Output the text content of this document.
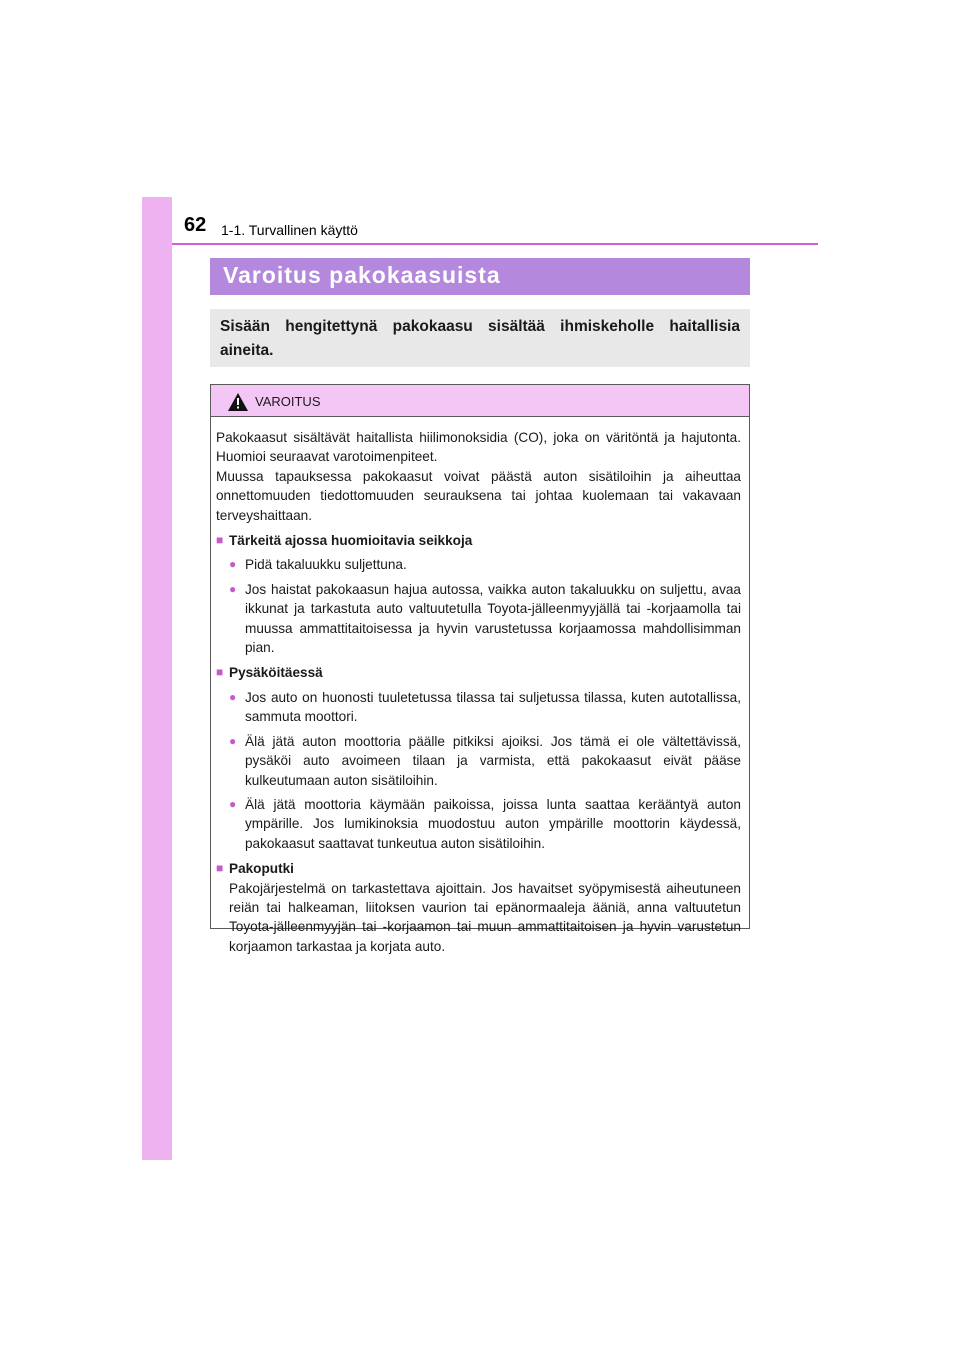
62 1-1. Turvallinen käyttö
Varoitus pakokaasuista

Sisään hengitettynä pakokaasu sisältää ihmiskeholle haitallisia aineita.

VAROITUS

Pakokaasut sisältävät haitallista hiilimonoksidia (CO), joka on väritöntä ja hajutonta. Huomioi seuraavat varotoimenpiteet.

Muussa tapauksessa pakokaasut voivat päästä auton sisätiloihin ja aiheuttaa onnettomuuden tiedottomuuden seurauksena tai johtaa kuolemaan tai vakavaan terveyshaittaan.

■ Tärkeitä ajossa huomioitavia seikkoja
● Pidä takaluukku suljettuna.
● Jos haistat pakokaasun hajua autossa, vaikka auton takaluukku on suljettu, avaa ikkunat ja tarkastuta auto valtuutetulla Toyota-jälleenmyyjällä tai -korjaamolla tai muussa ammattitaitoisessa ja hyvin varustetussa korjaamossa mahdollisimman pian.
■ Pysäköitäessä
● Jos auto on huonosti tuuletetussa tilassa tai suljetussa tilassa, kuten autotallissa, sammuta moottori.
● Älä jätä auton moottoria päälle pitkiksi ajoiksi. Jos tämä ei ole vältettävissä, pysäköi auto avoimeen tilaan ja varmista, että pakokaasut eivät pääse kulkeutumaan auton sisätiloihin.
● Älä jätä moottoria käymään paikoissa, joissa lunta saattaa kerääntyä auton ympärille. Jos lumikinoksia muodostuu auton ympärille moottorin käydessä, pakokaasut saattavat tunkeutua auton sisätiloihin.
■ Pakoputki
Pakojärjestelmä on tarkastettava ajoittain. Jos havaitset syöpymisestä aiheutuneen reiän tai halkeaman, liitoksen vaurion tai epänormaaleja ääniä, anna valtuutetun Toyota-jälleenmyyjän tai -korjaamon tai muun ammattitaitoisen ja hyvin varustetun korjaamon tarkastaa ja korjata auto.
